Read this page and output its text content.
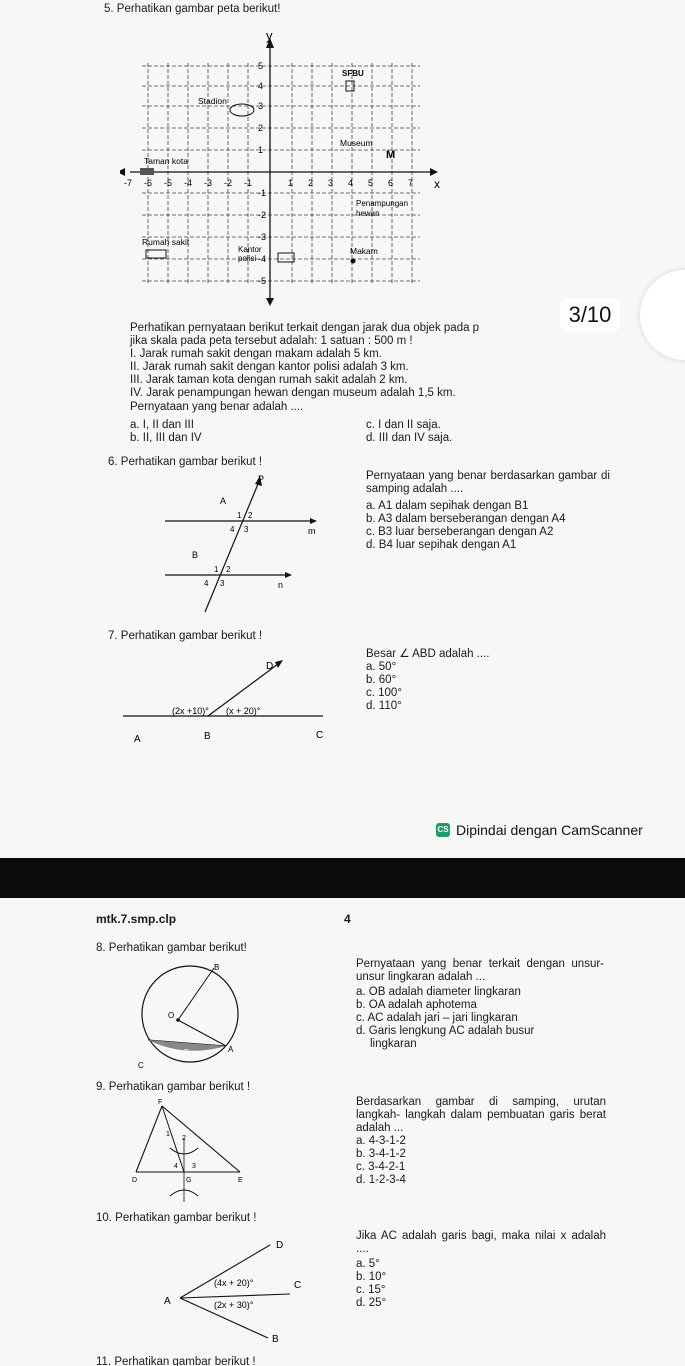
5. Perhatikan gambar peta berikut!
y
-7 -6 -5 -4 -3 -2 -1	1 2 3 4 5 6 7
5
4
3
2
1
-1
-2
-3
-4
-5
SFBU
Stadion
Museum
M
Taman kota
Penampungan
hewan
Rumah sakit
Kantor
polisi
Makam
x
Perhatikan pernyataan berikut terkait dengan jarak dua objek pada p
jika skala pada peta tersebut adalah: 1 satuan : 500 m !
I. Jarak rumah sakit dengan makam adalah 5 km.
II. Jarak rumah sakit dengan kantor polisi adalah 3 km.
III. Jarak taman kota dengan rumah sakit adalah 2 km.
IV. Jarak penampungan hewan dengan museum adalah 1,5 km.
Pernyataan yang benar adalah ....
a. I, II dan III
b. II, III dan IV
c. I dan II saja.
d. III dan IV saja.
3/10
6. Perhatikan gambar berikut !
P
A
1 2
4 3	m
B
1 2
4 3	n
Pernyataan yang benar berdasarkan gambar di samping adalah ....
a. A1 dalam sepihak dengan B1
b. A3 dalam berseberangan dengan A4
c. B3 luar berseberangan dengan A2
d. B4 luar sepihak dengan A1
7. Perhatikan gambar berikut !
D
(2x +10)° (x + 20)°
A	B	C
Besar ∠ ABD adalah ....
a. 50°
b. 60°
c. 100°
d. 110°
CS Dipindai dengan CamScanner
mtk.7.smp.clp	4
8. Perhatikan gambar berikut!
B
O
A
C
D
Pernyataan yang benar terkait dengan unsur-unsur lingkaran adalah ...
a. OB adalah diameter lingkaran
b. OA adalah aphotema
c. AC adalah jari – jari lingkaran
d. Garis lengkung AC adalah busur
lingkaran
9. Perhatikan gambar berikut !
F
D	G	E
1
2
3
4
Berdasarkan gambar di samping, urutan langkah- langkah dalam pembuatan garis berat adalah ...
a. 4-3-1-2
b. 3-4-1-2
c. 3-4-2-1
d. 1-2-3-4
10. Perhatikan gambar berikut !
D
C
A
B
(4x + 20)°
(2x + 30)°
Jika AC adalah garis bagi, maka nilai x adalah ....
a. 5°
b. 10°
c. 15°
d. 25°
11. Perhatikan gambar berikut !
